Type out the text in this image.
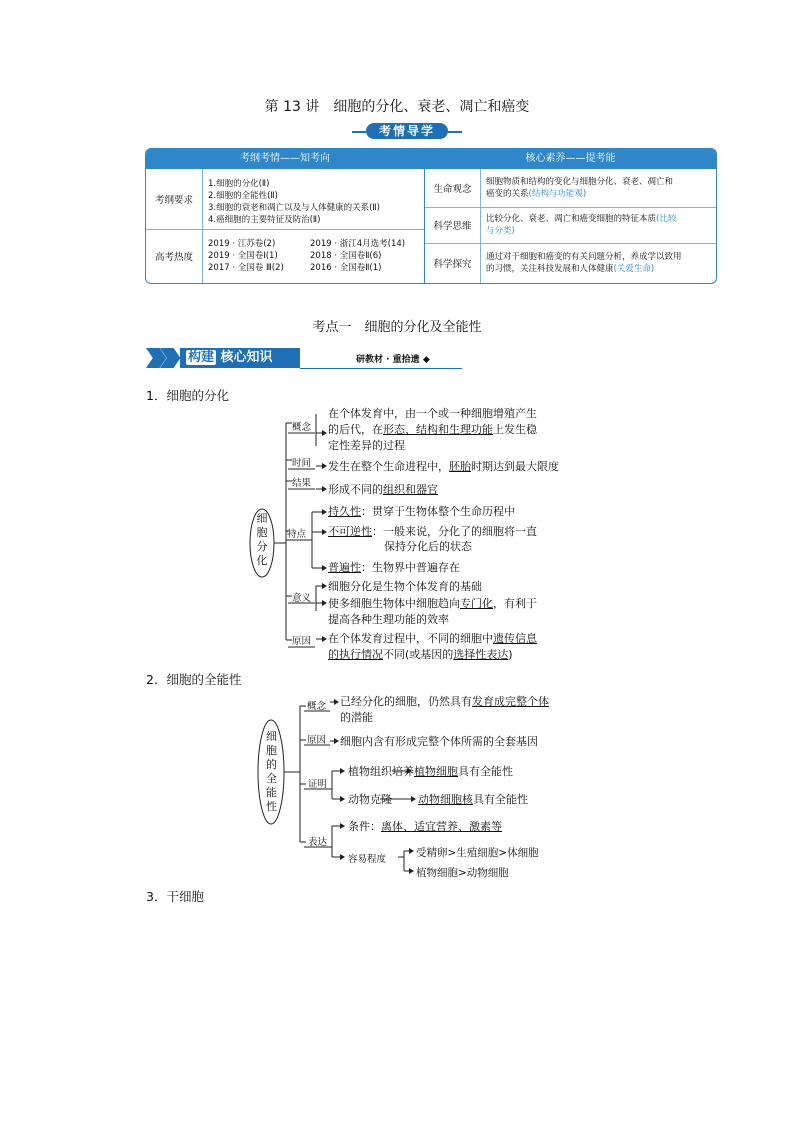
第 13 讲　细胞的分化、衰老、凋亡和癌变
考情导学
考纲考情——知考向	核心素养——提考能
考纲要求
1.细胞的分化(Ⅱ)
2.细胞的全能性(Ⅱ)
3.细胞的衰老和凋亡以及与人体健康的关系(Ⅱ)
4.癌细胞的主要特征及防治(Ⅱ)
高考热度
2019 · 江苏卷(2)
2019 · 全国卷Ⅰ(1)
2017 · 全国卷 Ⅲ(2)
2019 · 浙江4月选考(14)
2018 · 全国卷Ⅱ(6)
2016 · 全国卷Ⅱ(1)
生命观念
细胞物质和结构的变化与细胞分化、衰老、凋亡和
癌变的关系(结构与功能观)
科学思维
比较分化、衰老、凋亡和癌变细胞的特征本质(比较
与分类)
科学探究
通过对干细胞和癌变的有关问题分析，养成学以致用
的习惯，关注科技发展和人体健康(关爱生命)
考点一　细胞的分化及全能性
构建 核心知识	研教材 · 重拾遗 ◆
1．细胞的分化
细胞分化
概念
在个体发育中，由一个或一种细胞增殖产生
的后代，在形态、结构和生理功能上发生稳
定性差异的过程
时间 发生在整个生命进程中，胚胎时期达到最大限度
结果 形成不同的组织和器官
特点
持久性：贯穿于生物体整个生命历程中
不可逆性：一般来说，分化了的细胞将一直
保持分化后的状态
普遍性：生物界中普遍存在
意义
细胞分化是生物个体发育的基础
使多细胞生物体中细胞趋向专门化，有利于
提高各种生理功能的效率
原因 在个体发育过程中，不同的细胞中遗传信息
的执行情况不同(或基因的选择性表达)
2．细胞的全能性
细胞的全能性
概念 已经分化的细胞，仍然具有发育成完整个体
的潜能
原因 细胞内含有形成完整个体所需的全套基因
证明
植物组织培养 植物细胞具有全能性
动物克隆 动物细胞核具有全能性
表达
条件：离体、适宜营养、激素等
容易程度
受精卵>生殖细胞>体细胞
植物细胞>动物细胞
3．干细胞
